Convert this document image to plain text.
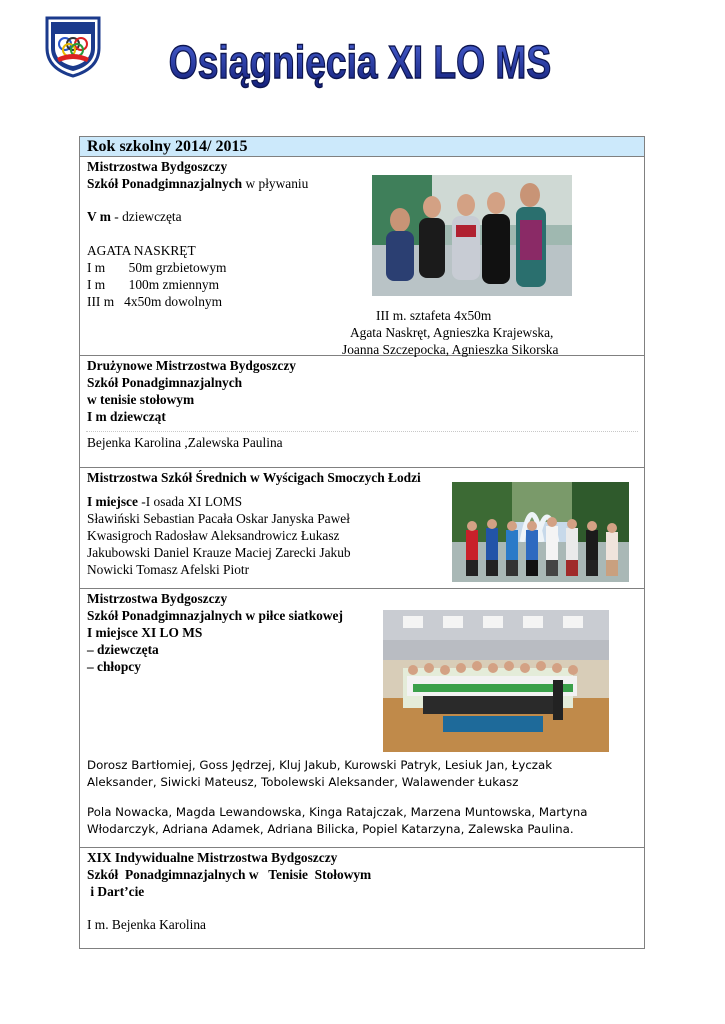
Osiągnięcia XI LO MS
Rok szkolny 2014/ 2015

Mistrzostwa Bydgoszczy
Szkół Ponadgimnazjalnych w pływaniu
V m - dziewczęta
AGATA NASKRĘT
I m       50m grzbietowym
I m       100m zmiennym
III m   4x50m dowolnym
III m. sztafeta 4x50m
Agata Naskręt, Agnieszka Krajewska,
Joanna Szczepocka, Agnieszka Sikorska

Drużynowe Mistrzostwa Bydgoszczy
Szkół Ponadgimnazjalnych
w tenisie stołowym
I m dziewcząt
Bejenka Karolina ,Zalewska Paulina

Mistrzostwa Szkół Średnich w Wyścigach Smoczych Łodzi
I miejsce -I osada XI LOMS
Sławiński Sebastian Pacała Oskar Janyska Paweł
Kwasigroch Radosław Aleksandrowicz Łukasz
Jakubowski Daniel Krauze Maciej Zarecki Jakub
Nowicki Tomasz Afelski Piotr

Mistrzostwa Bydgoszczy
Szkół Ponadgimnazjalnych w piłce siatkowej
I miejsce XI LO MS
– dziewczęta
– chłopcy
Dorosz Bartłomiej, Goss Jędrzej, Kluj Jakub, Kurowski Patryk, Lesiuk Jan, Łyczak
Aleksander, Siwicki Mateusz, Tobolewski Aleksander, Walawender Łukasz
Pola Nowacka, Magda Lewandowska, Kinga Ratajczak, Marzena Muntowska, Martyna
Włodarczyk, Adriana Adamek, Adriana Bilicka, Popiel Katarzyna, Zalewska Paulina.

XIX Indywidualne Mistrzostwa Bydgoszczy
Szkół  Ponadgimnazjalnych w   Tenisie  Stołowym
i Dart’cie
I m. Bejenka Karolina
